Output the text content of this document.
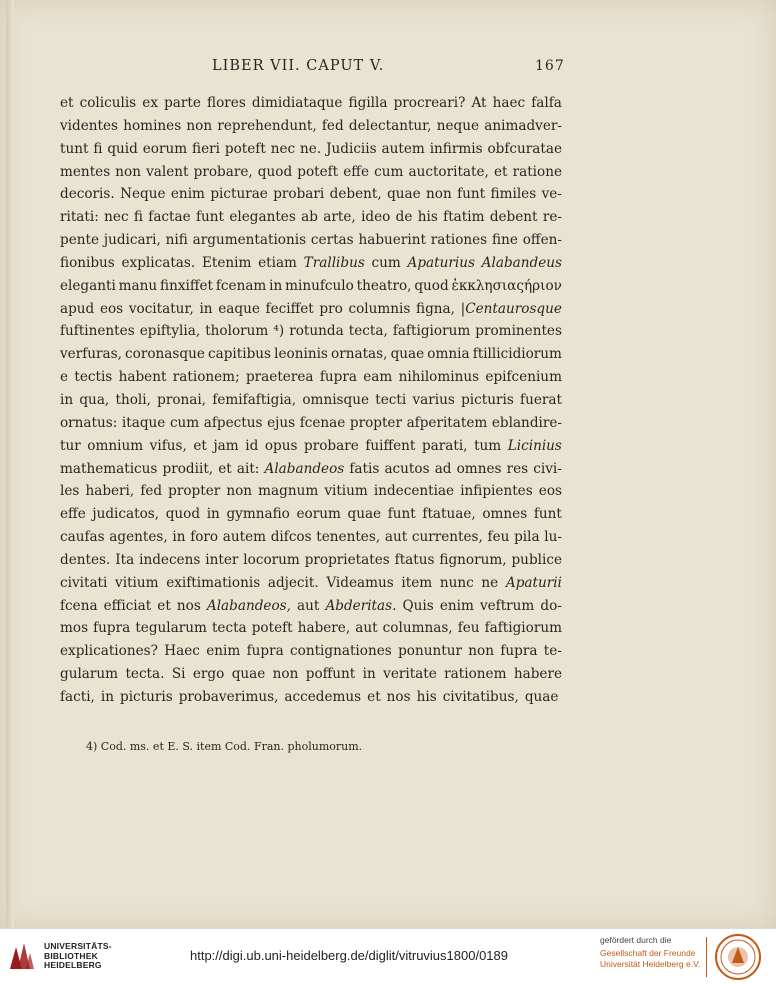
LIBER VII. CAPUT V.	167
et coliculis ex parte flores dimidiataque figilla procreari? At haec falfa
videntes homines non reprehendunt, fed delectantur, neque animadver-
tunt fi quid eorum fieri poteft nec ne. Judiciis autem infirmis obfcuratae
mentes non valent probare, quod poteft effe cum auctoritate, et ratione
decoris. Neque enim picturae probari debent, quae non funt fimiles ve-
ritati: nec fi factae funt elegantes ab arte, ideo de his ftatim debent re-
pente judicari, nifi argumentationis certas habuerint rationes fine offen-
fionibus explicatas. Etenim etiam Trallibus cum Apaturius Alabandeus
eleganti manu finxiffet fcenam in minufculo theatro, quod ἐκκλησιαςήριον
apud eos vocitatur, in eaque feciffet pro columnis figna, |Centaurosque
fuftinentes epiftylia, tholorum ⁴) rotunda tecta, faftigiorum prominentes
verfuras, coronasque capitibus leoninis ornatas, quae omnia ftillicidiorum
e tectis habent rationem; praeterea fupra eam nihilominus epifcenium
in qua, tholi, pronai, femifaftigia, omnisque tecti varius picturis fuerat
ornatus: itaque cum afpectus ejus fcenae propter afperitatem eblandire-
tur omnium vifus, et jam id opus probare fuiffent parati, tum Licinius
mathematicus prodiit, et ait: Alabandeos fatis acutos ad omnes res civi-
les haberi, fed propter non magnum vitium indecentiae infipientes eos
effe judicatos, quod in gymnafio eorum quae funt ftatuae, omnes funt
caufas agentes, in foro autem difcos tenentes, aut currentes, feu pila lu-
dentes. Ita indecens inter locorum proprietates ftatus fignorum, publice
civitati vitium exiftimationis adjecit. Videamus item nunc ne Apaturii
fcena efficiat et nos Alabandeos, aut Abderitas. Quis enim veftrum do-
mos fupra tegularum tecta poteft habere, aut columnas, feu faftigiorum
explicationes? Haec enim fupra contignationes ponuntur non fupra te-
gularum tecta. Si ergo quae non poffunt in veritate rationem habere
facti, in picturis probaverimus, accedemus et nos his civitatibus, quae
4) Cod. ms. et E. S. item Cod. Fran. pholumorum.
UNIVERSITÄTS-
BIBLIOTHEK
HEIDELBERG
http://digi.ub.uni-heidelberg.de/diglit/vitruvius1800/0189
gefördert durch die
Gesellschaft der Freunde
Universität Heidelberg e.V.
